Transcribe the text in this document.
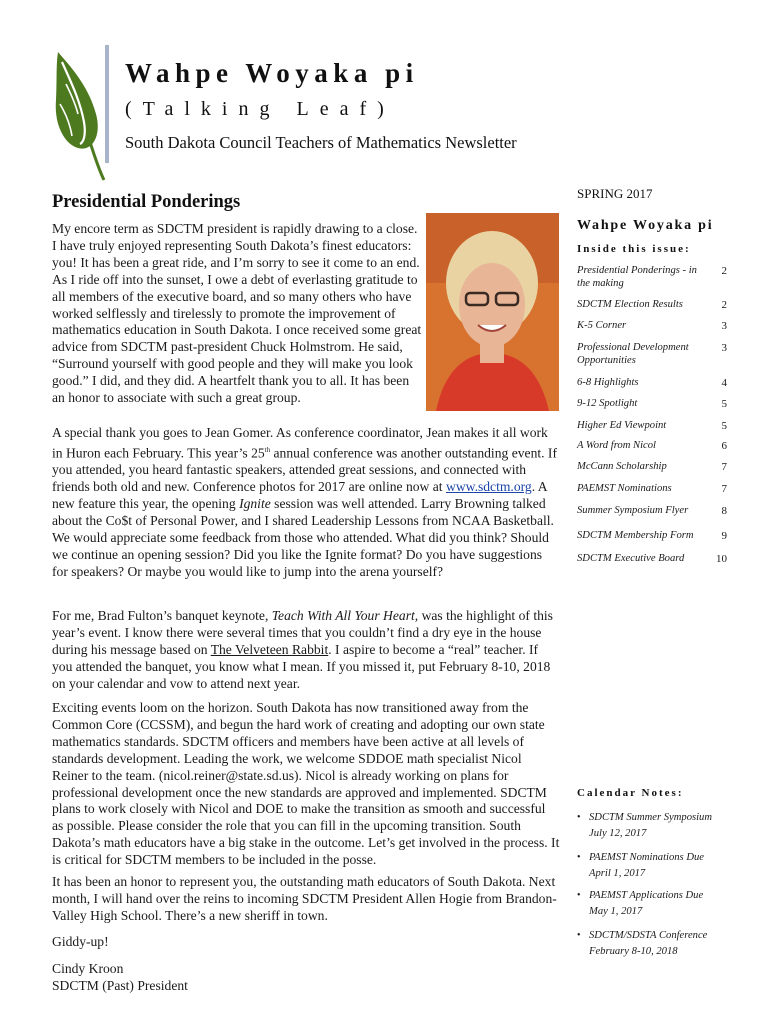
Wahpe Woyaka pi
(Talking Leaf)
South Dakota Council Teachers of Mathematics Newsletter
Presidential Ponderings

My encore term as SDCTM president is rapidly drawing to a close. I have truly enjoyed representing South Dakota’s finest educators: you! It has been a great ride, and I’m sorry to see it come to an end. As I ride off into the sunset, I owe a debt of everlasting gratitude to all members of the executive board, and so many others who have worked selflessly and tirelessly to promote the improvement of mathematics education in South Dakota. I once received some great advice from SDCTM past-president Chuck Holmstrom. He said, “Surround yourself with good people and they will make you look good.” I did, and they did. A heartfelt thank you to all. It has been an honor to associate with such a great group.

A special thank you goes to Jean Gomer. As conference coordinator, Jean makes it all work in Huron each February. This year’s 25th annual conference was another outstanding event. If you attended, you heard fantastic speakers, attended great sessions, and connected with friends both old and new. Conference photos for 2017 are online now at www.sdctm.org. A new feature this year, the opening Ignite session was well attended. Larry Browning talked about the Co$t of Personal Power, and I shared Leadership Lessons from NCAA Basketball. We would appreciate some feedback from those who attended. What did you think? Should we continue an opening session? Did you like the Ignite format? Do you have suggestions for speakers? Or maybe you would like to jump into the arena yourself?

For me, Brad Fulton’s banquet keynote, Teach With All Your Heart, was the highlight of this year’s event. I know there were several times that you couldn’t find a dry eye in the house during his message based on The Velveteen Rabbit. I aspire to become a “real” teacher. If you attended the banquet, you know what I mean. If you missed it, put February 8-10, 2018 on your calendar and vow to attend next year.

Exciting events loom on the horizon. South Dakota has now transitioned away from the Common Core (CCSSM), and begun the hard work of creating and adopting our own state mathematics standards. SDCTM officers and members have been active at all levels of standards development. Leading the work, we welcome SDDOE math specialist Nicol Reiner to the team. (nicol.reiner@state.sd.us). Nicol is already working on plans for professional development once the new standards are approved and implemented. SDCTM plans to work closely with Nicol and DOE to make the transition as smooth and successful as possible. Please consider the role that you can fill in the upcoming transition. South Dakota’s math educators have a big stake in the outcome. Let’s get involved in the process. It is critical for SDCTM members to be included in the posse.

It has been an honor to represent you, the outstanding math educators of South Dakota. Next month, I will hand over the reins to incoming SDCTM President Allen Hogie from Brandon-Valley High School. There’s a new sheriff in town.

Giddy-up!

Cindy Kroon

SDCTM (Past) President

SPRING 2017
Wahpe Woyaka pi
Inside this issue:
Presidential Ponderings - in the making
2
SDCTM Election Results	2
K-5 Corner	3
Professional Development Opportunities
3
6-8 Highlights	4
9-12 Spotlight	5
Higher Ed Viewpoint	5
A Word from Nicol	6
McCann Scholarship	7
PAEMST Nominations	7
Summer Symposium Flyer	8
SDCTM Membership Form	9
SDCTM Executive Board	10
Calendar Notes:
• SDCTM Summer Symposium
July 12, 2017
• PAEMST Nominations Due
April 1, 2017
• PAEMST Applications Due
May 1, 2017
• SDCTM/SDSTA Conference
February 8-10, 2018
